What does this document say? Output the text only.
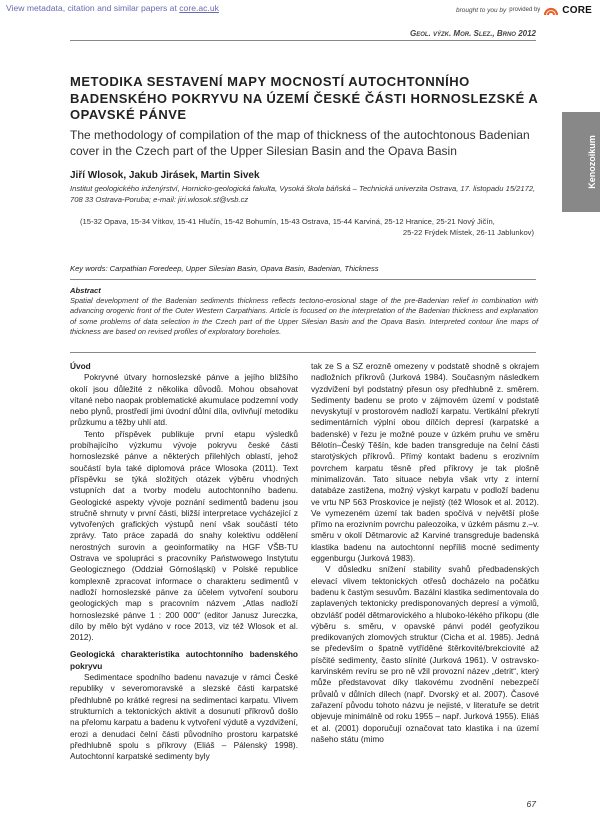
View metadata, citation and similar papers at core.ac.uk	brought to you by provided by CORE
Geol. výzk. Mor. Slez., Brno 2012
Kenozoikum
METODIKA SESTAVENÍ MAPY MOCNOSTÍ AUTOCHTONNÍHO BADENSKÉHO POKRYVU NA ÚZEMÍ ČESKÉ ČÁSTI HORNOSLEZSKÉ A OPAVSKÉ PÁNVE
The methodology of compilation of the map of thickness of the autochtonous Badenian cover in the Czech part of the Upper Silesian Basin and the Opava Basin
Jiří Wlosok, Jakub Jirásek, Martin Sivek
Institut geologického inženýrství, Hornicko-geologická fakulta, Vysoká škola báňská – Technická univerzita Ostrava, 17. listopadu 15/2172, 708 33 Ostrava-Poruba; e-mail: jiri.wlosok.st@vsb.cz
(15-32 Opava, 15-34 Vítkov, 15-41 Hlučín, 15-42 Bohumín, 15-43 Ostrava, 15-44 Karviná, 25-12 Hranice, 25-21 Nový Jičín,
25-22 Frýdek Místek, 26-11 Jablunkov)
Key words: Carpathian Foredeep, Upper Silesian Basin, Opava Basin, Badenian, Thickness
Abstract
Spatial development of the Badenian sediments thickness reflects tectono-erosional stage of the pre-Badenian relief in combination with advancing orogenic front of the Outer Western Carpathians. Article is focused on the interpretation of the Badenian thickness and explanation of some problems of data selection in the Czech part of the Upper Silesian Basin and the Opava Basin. Interpreted contour line maps of thickness are based on revised profiles of exploratory boreholes.

Úvod

Pokryvné útvary hornoslezské pánve a jejího bližšího okolí jsou důležité z několika důvodů. Mohou obsahovat vítané nebo naopak problematické akumulace podzemní vody nebo plynů, prostředí jimi úvodní důlní díla, ovlivňují metodiku průzkumu a těžby uhlí atd.

Tento příspěvek publikuje první etapu výsledků probíhajícího výzkumu vývoje pokryvu české části hornoslezské pánve a některých přilehlých oblastí, jehož součástí byla také diplomová práce Wlosoka (2011). Text příspěvku se týká složitých otázek výběru vhodných vstupních dat a tvorby modelu autochtonního badenu. Geologické aspekty vývoje poznání sedimentů badenu jsou stručně shrnuty v první části, bližší interpretace vycházející z vytvořených grafických výstupů není však součástí této zprávy. Tato práce zapadá do snahy kolektivu oddělení nerostných surovin a geoinformatiky na HGF VŠB-TU Ostrava ve spolupráci s pracovníky Państwowego Instytutu Geologicznego (Oddział Górnośląski) v Polské republice komplexně zpracovat informace o charakteru sedimentů v nadloží hornoslezské pánve za účelem vytvoření souboru geologických map s pracovním názvem „Atlas nadloží hornoslezské pánve 1 : 200 000“ (editor Janusz Jureczka, dílo by mělo být vydáno v roce 2013, viz též Wlosok et al. 2012).

Geologická charakteristika autochtonního badenského pokryvu

Sedimentace spodního badenu navazuje v rámci České republiky v severomoravské a slezské části karpatské předhlubně po krátké regresi na sedimentaci karpatu. Vlivem strukturních a tektonických aktivit a dosunutí příkrovů došlo na přelomu karpatu a badenu k vytvoření výdutě a vyzdvižení, erozi a denudaci čelní části původního prostoru karpatské předhlubně spolu s příkrovy (Eliáš – Pálenský 1998). Autochtonní karpatské sedimenty byly

tak ze S a SZ erozně omezeny v podstatě shodně s okrajem nadložních příkrovů (Jurková 1984). Současným následkem vyzdvižení byl podstatný přesun osy předhlubně z. směrem. Sedimenty badenu se proto v zájmovém území v podstatě nevyskytují v prostorovém nadloží karpatu. Vertikální překrytí sedimentárních výplní obou dílčích depresí (karpatské a badenské) v řezu je možné pouze v úzkém pruhu ve směru Bělotín–Český Těšín, kde baden transgreduje na čelní části starotýských příkrovů. Přímý kontakt badenu s erozivním povrchem karpatu těsně před příkrovy je tak plošně minimalizován. Tato situace nebyla však vrty z interní databáze zastižena, možný výskyt karpatu v podloží badenu ve vrtu NP 563 Proskovice je nejistý (též Wlosok et al. 2012). Ve vymezeném území tak baden spočívá v největší ploše přímo na erozivním povrchu paleozoika, v úzkém pásmu z.–v. směru v okolí Dětmarovic až Karviné transgreduje badenská klastika badenu na autochtonní nepříliš mocné sedimenty eggenburgu (Jurková 1983).

V důsledku snížení stability svahů předbadenských elevací vlivem tektonických otřesů docházelo na počátku badenu k častým sesuvům. Bazální klastika sedimentovala do zaplavených tektonicky predisponovaných depresí a výmolů, obzvlášť podél dětmarovického a hluboko-lékého příkopu (dle výběru s. směru, v opavské pánvi podél geofyzikou predikovaných zlomových struktur (Cicha et al. 1985). Jedná se především o špatně vytříděné štěrkovité/brekciovité až písčité sedimenty, často slínité (Jurková 1961). V ostravsko-karvinském revíru se pro ně vžil provozní název „detrit“, který může představovat díky tlakovému zvodnění nebezpečí průvalů v důlních dílech (např. Dvorský et al. 2007). Časové zařazení původu tohoto názvu je nejisté, v literatuře se detrit objevuje minimálně od roku 1955 – např. Jurková 1955). Eliáš et al. (2001) doporučují označovat tato klastika i na území našeho státu (mimo

67
